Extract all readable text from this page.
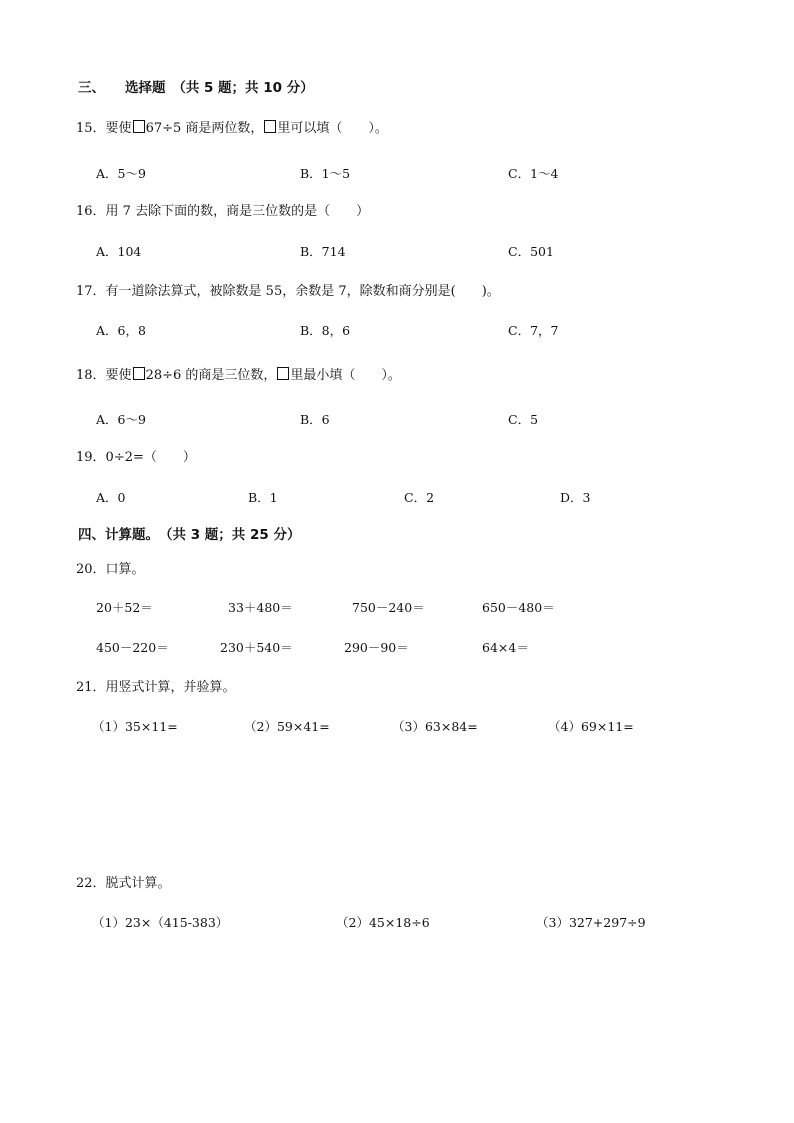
三、 选择题　（共 5 题；共 10 分）
15．要使 67÷5 商是两位数， 里可以填（　　）。
A．5～9	B．1～5	C．1～4
16．用 7 去除下面的数，商是三位数的是（　　）
A．104	B．714	C．501
17．有一道除法算式，被除数是 55，余数是 7，除数和商分别是(　　)。
A．6，8	B．8，6	C．7，7
18．要使 28÷6 的商是三位数， 里最小填（　　）。
A．6～9	B．6	C．5
19．0÷2=（　　）
A．0	B．1	C．2	D．3
四、计算题。　（共 3 题；共 25 分）
20．口算。
20＋52＝	33＋480＝	750－240＝	650－480＝
450－220＝	230＋540＝	290－90＝	64×4＝
21．用竖式计算，并验算。
（1）35×11=	（2）59×41=	（3）63×84=	（4）69×11=
22．脱式计算。
（1）23×（415-383）	（2）45×18÷6	（3）327+297÷9
